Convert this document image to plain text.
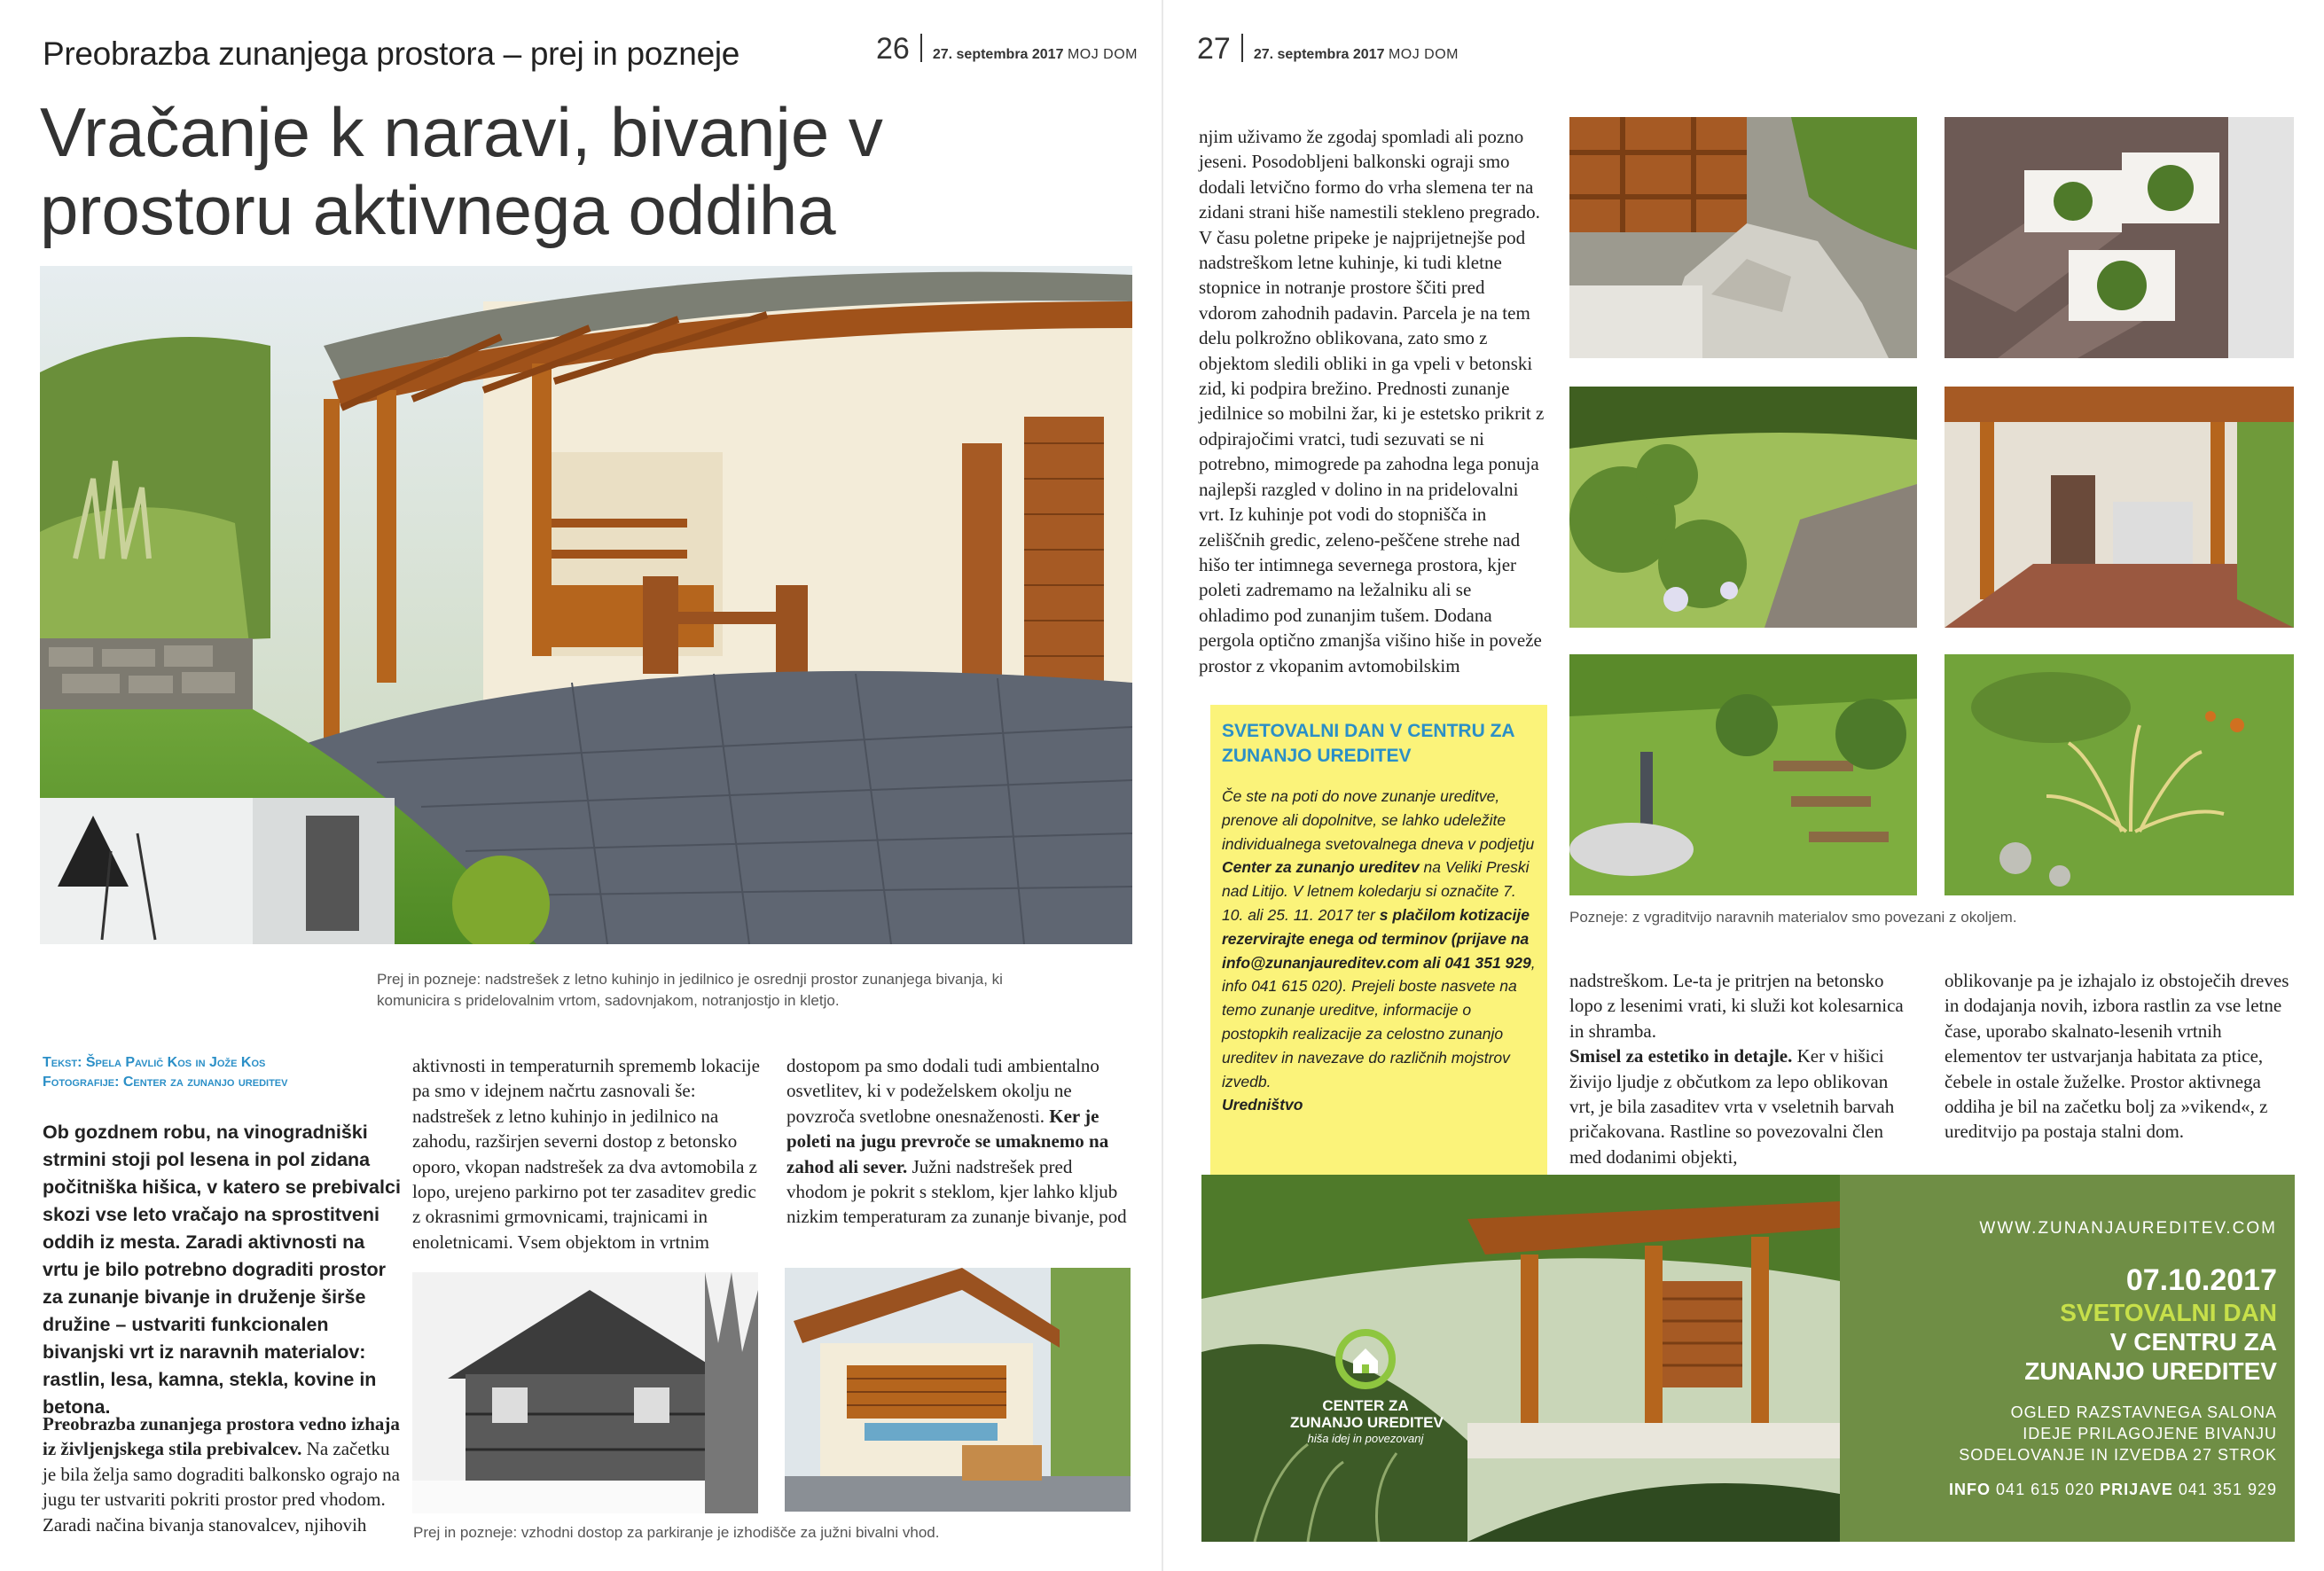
Preobrazba zunanjega prostora – prej in pozneje	26 27. septembra 2017 MOJ DOM
Vračanje k naravi, bivanje v prostoru aktivnega oddiha
Prej in pozneje: nadstrešek z letno kuhinjo in jedilnico je osrednji prostor zunanjega bivanja, ki komunicira s pridelovalnim vrtom, sadovnjakom, notranjostjo in kletjo.
Tekst: Špela Pavlič Kos in Jože Kos
Fotografije: Center za zunanjo ureditev
Ob gozdnem robu, na vinogradniški strmini stoji pol lesena in pol zidana počitniška hišica, v katero se prebivalci skozi vse leto vračajo na sprostitveni oddih iz mesta. Zaradi aktivnosti na vrtu je bilo potrebno dograditi prostor za zunanje bivanje in druženje širše družine – ustvariti funkcionalen bivanjski vrt iz naravnih materialov: rastlin, lesa, kamna, stekla, kovine in betona.

Preobrazba zunanjega prostora vedno izhaja iz življenjskega stila prebivalcev. Na začetku je bila želja samo dograditi balkonsko ograjo na jugu ter ustvariti pokriti prostor pred vhodom. Zaradi načina bivanja stanovalcev, njihovih

aktivnosti in temperaturnih sprememb lokacije pa smo v idejnem načrtu zasnovali še: nadstrešek z letno kuhinjo in jedilnico na zahodu, razširjen severni dostop z betonsko oporo, vkopan nadstrešek za dva avtomobila z lopo, urejeno parkirno pot ter zasaditev gredic z okrasnimi grmovnicami, trajnicami in enoletnicami. Vsem objektom in vrtnim

dostopom pa smo dodali tudi ambientalno osvetlitev, ki v podeželskem okolju ne povzroča svetlobne onesnaženosti. Ker je poleti na jugu prevroče se umaknemo na zahod ali sever. Južni nadstrešek pred vhodom je pokrit s steklom, kjer lahko kljub nizkim temperaturam za zunanje bivanje, pod

Prej in pozneje: vzhodni dostop za parkiranje je izhodišče za južni bivalni vhod.
27 27. septembra 2017 MOJ DOM

njim uživamo že zgodaj spomladi ali pozno jeseni. Posodobljeni balkonski ograji smo dodali letvično formo do vrha slemena ter na zidani strani hiše namestili stekleno pregrado. V času poletne pripeke je najprijetnejše pod nadstreškom letne kuhinje, ki tudi kletne stopnice in notranje prostore ščiti pred vdorom zahodnih padavin. Parcela je na tem delu polkrožno oblikovana, zato smo z objektom sledili obliki in ga vpeli v betonski zid, ki podpira brežino. Prednosti zunanje jedilnice so mobilni žar, ki je estetsko prikrit z odpirajočimi vratci, tudi sezuvati se ni potrebno, mimogrede pa zahodna lega ponuja najlepši razgled v dolino in na pridelovalni vrt. Iz kuhinje pot vodi do stopnišča in zeliščnih gredic, zeleno-peščene strehe nad hišo ter intimnega severnega prostora, kjer poleti zadremamo na ležalniku ali se ohladimo pod zunanjim tušem. Dodana pergola optično zmanjša višino hiše in poveže prostor z vkopanim avtomobilskim

Pozneje: z vgraditvijo naravnih materialov smo povezani z okoljem.
SVETOVALNI DAN V CENTRU ZA ZUNANJO UREDITEV
Če ste na poti do nove zunanje ureditve, prenove ali dopolnitve, se lahko udeležite individualnega svetovalnega dneva v podjetju Center za zunanjo ureditev na Veliki Preski nad Litijo. V letnem koledarju si označite 7. 10. ali 25. 11. 2017 ter s plačilom kotizacije rezervirajte enega od terminov (prijave na info@zunanjaureditev.com ali 041 351 929, info 041 615 020). Prejeli boste nasvete na temo zunanje ureditve, informacije o postopkih realizacije za celostno zunanjo ureditev in navezave do različnih mojstrov izvedb.
Uredništvo

nadstreškom. Le-ta je pritrjen na betonsko lopo z lesenimi vrati, ki služi kot kolesarnica in shramba.

Smisel za estetiko in detajle. Ker v hišici živijo ljudje z občutkom za lepo oblikovan vrt, je bila zasaditev vrta v vseletnih barvah pričakovana. Rastline so povezovalni člen med dodanimi objekti,

oblikovanje pa je izhajalo iz obstoječih dreves in dodajanja novih, izbora rastlin za vse letne čase, uporabo skalnato-lesenih vrtnih elementov ter ustvarjanja habitata za ptice, čebele in ostale žuželke. Prostor aktivnega oddiha je bil na začetku bolj za »vikend«, z ureditvijo pa postaja stalni dom.

CENTER ZA
ZUNANJO UREDITEV
hiša idej in povezovanj
WWW.ZUNANJAUREDITEV.COM
07.10.2017
SVETOVALNI DAN
V CENTRU ZA
ZUNANJO UREDITEV
OGLED RAZSTAVNEGA SALONA
IDEJE PRILAGOJENE BIVANJU
SODELOVANJE IN IZVEDBA 27 STROK
INFO 041 615 020 PRIJAVE 041 351 929
